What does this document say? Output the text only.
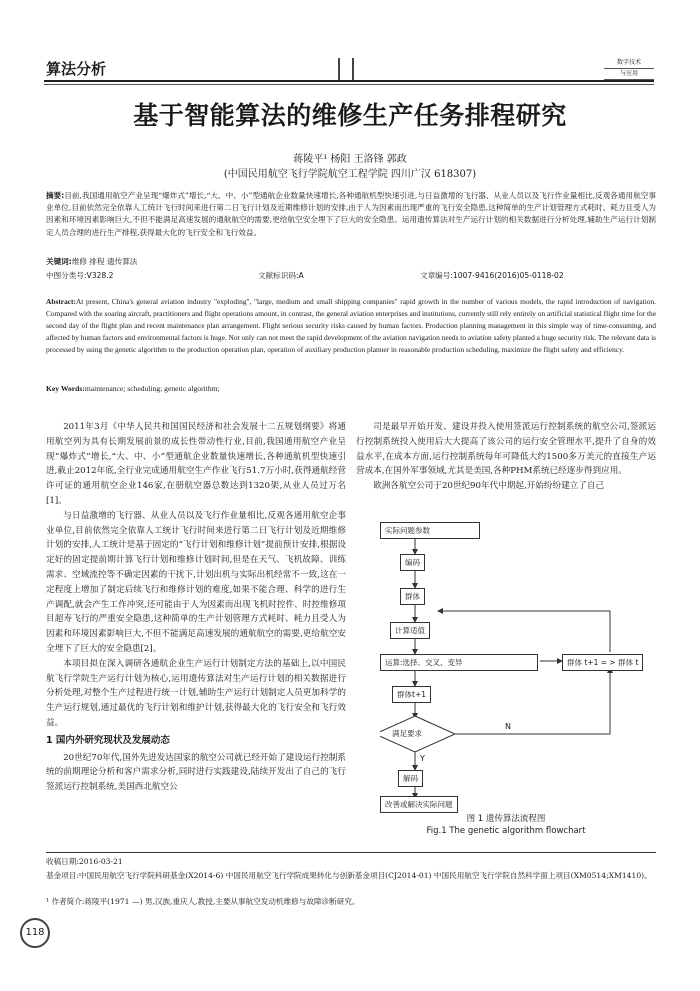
算法分析	数字技术
与应用
基于智能算法的维修生产任务排程研究
蒋陵平¹ 杨阳 王洛锋 郭政
(中国民用航空飞行学院航空工程学院 四川广汉 618307)
摘要:目前,我国通用航空产业呈现“爆炸式”增长,“大、中、小”型通航企业数量快速增长,各种通航机型快速引进,与日益激增的飞行器、从业人员以及飞行作业量相比,反观各通用航空事业单位,目前依然完全依靠人工统计飞行时间来进行第二日飞行计划及近期维修计划的安排,由于人为因素而出现严重的飞行安全隐患,这种简单的生产计划管理方式耗时、耗力且受人为因素和环境因素影响巨大,不但不能满足高速发展的通航航空的需要,更给航空安全埋下了巨大的安全隐患。运用遗传算法对生产运行计划的相关数据进行分析处理,辅助生产运行计划制定人员合理的进行生产排程,获得最大化的飞行安全和飞行效益。
关键词:维修 排程 遗传算法
中图分类号:V328.2	文献标识码:A	文章编号:1007-9416(2016)05-0118-02
Abstract:At present, China's general aviation industry "exploding", "large, medium and small shipping companies" rapid growth in the number of various models, the rapid introduction of navigation. Compared with the soaring aircraft, practitioners and flight operations amount, in contrast, the general aviation enterprises and institutions, currently still rely entirely on artificial statistical flight time for the second day of the flight plan and recent maintenance plan arrangement. Flight serious security risks caused by human factors. Production planning management in this simple way of time-consuming, and affected by human factors and environmental factors is huge. Not only can not meet the rapid development of the aviation navigation needs to aviation safety planted a huge security risk. The relevant data is processed by using the genetic algorithm to the production operation plan, operation of auxiliary production planner in reasonable production scheduling, maximize the flight safety and efficiency.
Key Words:maintenance; scheduling; genetic algorithm;

2011年3月《中华人民共和国国民经济和社会发展十二五规划纲要》将通用航空列为具有长期发展前景的成长性带动性行业,目前,我国通用航空产业呈现“爆炸式”增长,“大、中、小”型通航企业数量快速增长,各种通航机型快速引进,截止2012年底,全行业完成通用航空生产作业飞行51.7万小时,获得通航经营许可证的通用航空企业146家,在册航空器总数达到1320架,从业人员过万名[1]。

与日益激增的飞行器、从业人员以及飞行作业量相比,反观各通用航空企事业单位,目前依然完全依靠人工统计飞行时间来进行第二日飞行计划及近期维修计划的安排,人工统计是基于固定的“飞行计划和维修计划”提前预计安排,根据设定好的固定提前期计算飞行计划和维修计划时间,但是在天气、飞机故障、训练需求、空域流控等不确定因素的干扰下,计划出机与实际出机经常不一致,这在一定程度上增加了制定后续飞行和维修计划的难度,如果不能合理、科学的进行生产调配,就会产生工作冲突,还可能由于人为因素而出现飞机时控件、时控维修项目超寿飞行的严重安全隐患,这种简单的生产计划管理方式耗时、耗力且受人为因素和环境因素影响巨大,不但不能满足高速发展的通航航空的需要,更给航空安全埋下了巨大的安全隐患[2]。

本项目拟在深入调研各通航企业生产运行计划制定方法的基础上,以中国民航飞行学院生产运行计划为核心,运用遗传算法对生产运行计划的相关数据进行分析处理,对整个生产过程进行统一计划,辅助生产运行计划制定人员更加科学的生产运行规划,通过最优的飞行计划和维护计划,获得最大化的飞行安全和飞行效益。

1 国内外研究现状及发展动态

20世纪70年代,国外先进发达国家的航空公司就已经开始了建设运行控制系统的前期理论分析和客户需求分析,同时进行实践建设,陆续开发出了自己的飞行签派运行控制系统,美国西北航空公

司是最早开始开发、建设并投入使用签派运行控制系统的航空公司,签派运行控制系统投入使用后大大提高了该公司的运行安全管理水平,提升了自身的效益水平,在成本方面,运行控制系统每年可降低大约1500多万美元的直接生产运营成本,在国外军事领域,尤其是美国,各种PHM系统已经逐步得到应用。

欧洲各航空公司于20世纪90年代中期起,开始纷纷建立了自己

实际问题参数
编码
群体
计算适值
运算:选择、交叉、变异	群体 t+1 = > 群体 t
群体t+1
满足要求
N
Y
解码
改善或解决实际问题
图 1 遗传算法流程图
Fig.1 The genetic algorithm flowchart
收稿日期:2016-03-21
基金项目:中国民用航空飞行学院科研基金(X2014-6) 中国民用航空飞行学院成果转化与创新基金项目(CJ2014-01) 中国民用航空飞行学院自然科学面上项目(XM0514;XM1410)。
¹ 作者简介:蒋陵平(1971 —) 男,汉族,重庆人,教授,主要从事航空发动机维修与故障诊断研究。
118
